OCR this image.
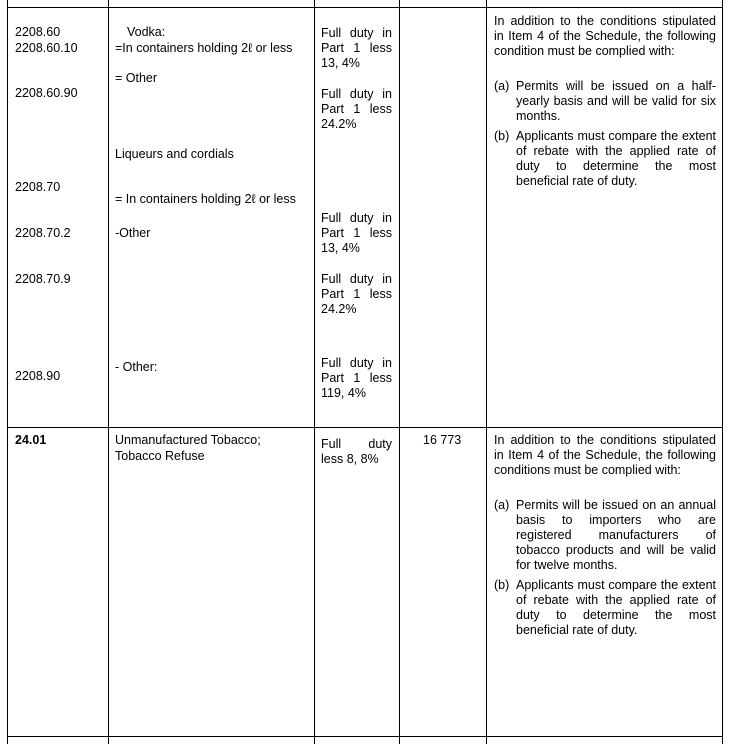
2208.60
2208.60.10
2208.60.90
2208.70
2208.70.2
2208.70.9
2208.90
Vodka:
=In containers holding 2ℓ or less
= Other
Liqueurs and cordials
= In containers holding 2ℓ or less
-Other
- Other:
Full duty in
Part 1 less
13, 4%
Full duty in
Part 1 less
24.2%
Full duty in
Part 1 less
13, 4%
Full duty in
Part 1 less
24.2%
Full duty in
Part 1 less
119, 4%
In addition to the conditions stipulated in Item 4 of the Schedule, the following condition must be complied with:
(a) Permits will be issued on a half-yearly basis and will be valid for six months.
(b) Applicants must compare the extent of rebate with the applied rate of duty to determine the most beneficial rate of duty.
24.01	Unmanufactured Tobacco;
Tobacco Refuse
Full duty
less 8, 8%
16 773	In addition to the conditions stipulated in Item 4 of the Schedule, the following conditions must be complied with:
(a) Permits will be issued on an annual basis to importers who are registered manufacturers of tobacco products and will be valid for twelve months.
(b) Applicants must compare the extent of rebate with the applied rate of duty to determine the most beneficial rate of duty.
